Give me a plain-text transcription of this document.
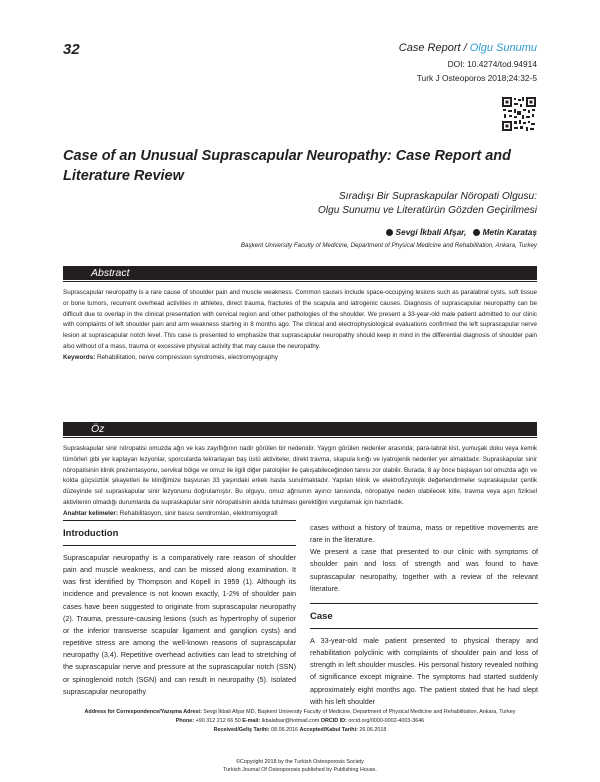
32	Case Report / Olgu Sunumu
DOI: 10.4274/tod.94914
Turk J Osteoporos 2018;24:32-5
Case of an Unusual Suprascapular Neuropathy: Case Report and Literature Review
Sıradışı Bir Supraskapular Nöropati Olgusu:
Olgu Sunumu ve Literatürün Gözden Geçirilmesi
Sevgi İkbali Afşar, Metin Karataş
Başkent University Faculty of Medicine, Department of Physical Medicine and Rehabilitation, Ankara, Turkey
Abstract
Suprascapular neuropathy is a rare cause of shoulder pain and muscle weakness. Common causes include space-occupying lesions such as paralabral cysts, soft tissue or bone tumors, recurrent overhead activities in athletes, direct trauma, fractures of the scapula and iatrogenic causes. Diagnosis of suprascapular neuropathy can be difficult due to overlap in the clinical presentation with cervical region and other pathologies of the shoulder. We present a 33-year-old male patient admitted to our clinic with complaints of left shoulder pain and arm weakness starting in 8 months ago. The clinical and electrophysiological evaluations confirmed the left suprascapular nerve lesion at suprascapular notch level. This case is presented to emphasize that suprascapular neuropathy should keep in mind in the differential diagnosis of shoulder pain also without of a mass, trauma or excessive physical activity that may cause the neuropathy.
Keywords: Rehabilitation, nerve compression syndromes, electromyography
Öz
Supraskapular sinir nöropatisi omuzda ağrı ve kas zayıflığının nadir görülen bir nedenidir. Yaygın görülen nedenler arasında; para-labral kist, yumuşak doku veya kemik tümörleri gibi yer kaplayan lezyonlar, sporcularda tekrarlayan baş üstü aktiviteler, direkt travma, skapula kırığı ve iyatrojenik nedenler yer almaktadır. Supraskapular sinir nöropatisinin klinik prezentasyonu, servikal bölge ve omuz ile ilgili diğer patolojiler ile çakışabileceğinden tanısı zor olabilir. Burada; 8 ay önce başlayan sol omuzda ağrı ve kolda güçsüzlük şikayetleri ile kliniğimize başvuran 33 yaşındaki erkek hasta sunulmaktadır. Yapılan klinik ve elektrofizyolojik değerlendirmeler supraskapular çentik düzeyinde sol supraskapular sinir lezyonunu doğrulamıştır. Bu olguyu, omuz ağrısının ayırıcı tanısında, nöropatiye neden olabilecek kitle, travma veya aşırı fiziksel aktivitenin olmadığı durumlarda da supraskapular sinir nöropatisinin akılda tutulması gerektiğini vurgulamak için hazırladık.
Anahtar kelimeler: Rehabilitasyon, sinir basısı sendromları, elektromiyografi
Introduction

Suprascapular neuropathy is a comparatively rare reason of shoulder pain and muscle weakness, and can be missed along examination. It was first identified by Thompson and Kopell in 1959 (1). Although its incidence and prevalence is not known exactly, 1-2% of shoulder pain cases have been suggested to originate from suprascapular neuropathy (2). Trauma, pressure-causing lesions (such as hypertrophy of superior or the inferior transverse scapular ligament and ganglion cysts) and repetitive stress are among the well-known reasons of suprascapular neuropathy (3,4). Repetitive overhead activities can lead to stretching of the suprascapular nerve and pressure at the suprascapular notch (SSN) or spinoglenoid notch (SGN) and can result in neuropathy (5). Isolated suprascapular neuropathy

cases without a history of trauma, mass or repetitive movements are rare in the literature.

We present a case that presented to our clinic with symptoms of shoulder pain and loss of strength and was found to have suprascapular neuropathy, together with a review of the relevant literature.

Case

A 33-year-old male patient presented to physical therapy and rehabilitation polyclinic with complaints of shoulder pain and loss of strength in left shoulder muscles. His personal history revealed nothing of significance except migraine. The symptoms had started suddenly approximately eight months ago. The patient stated that he had slept with his left shoulder

Address for Correspondence/Yazışma Adresi: Sevgi İkbali Afşar MD, Başkent University Faculty of Medicine, Department of Physical Medicine and Rehabilitation, Ankara, Turkey
Phone: +90 312 212 66 50 E-mail: ikbalafsar@hotmail.com ORCID ID: orcid.org/0000-0002-4003-3646
Received/Geliş Tarihi: 08.06.2016 Accepted/Kabul Tarihi: 26.06.2018
©Copyright 2018 by the Turkish Osteoporosis Society
Turkish Journal Of Osteoporosis published by Publishing House.
